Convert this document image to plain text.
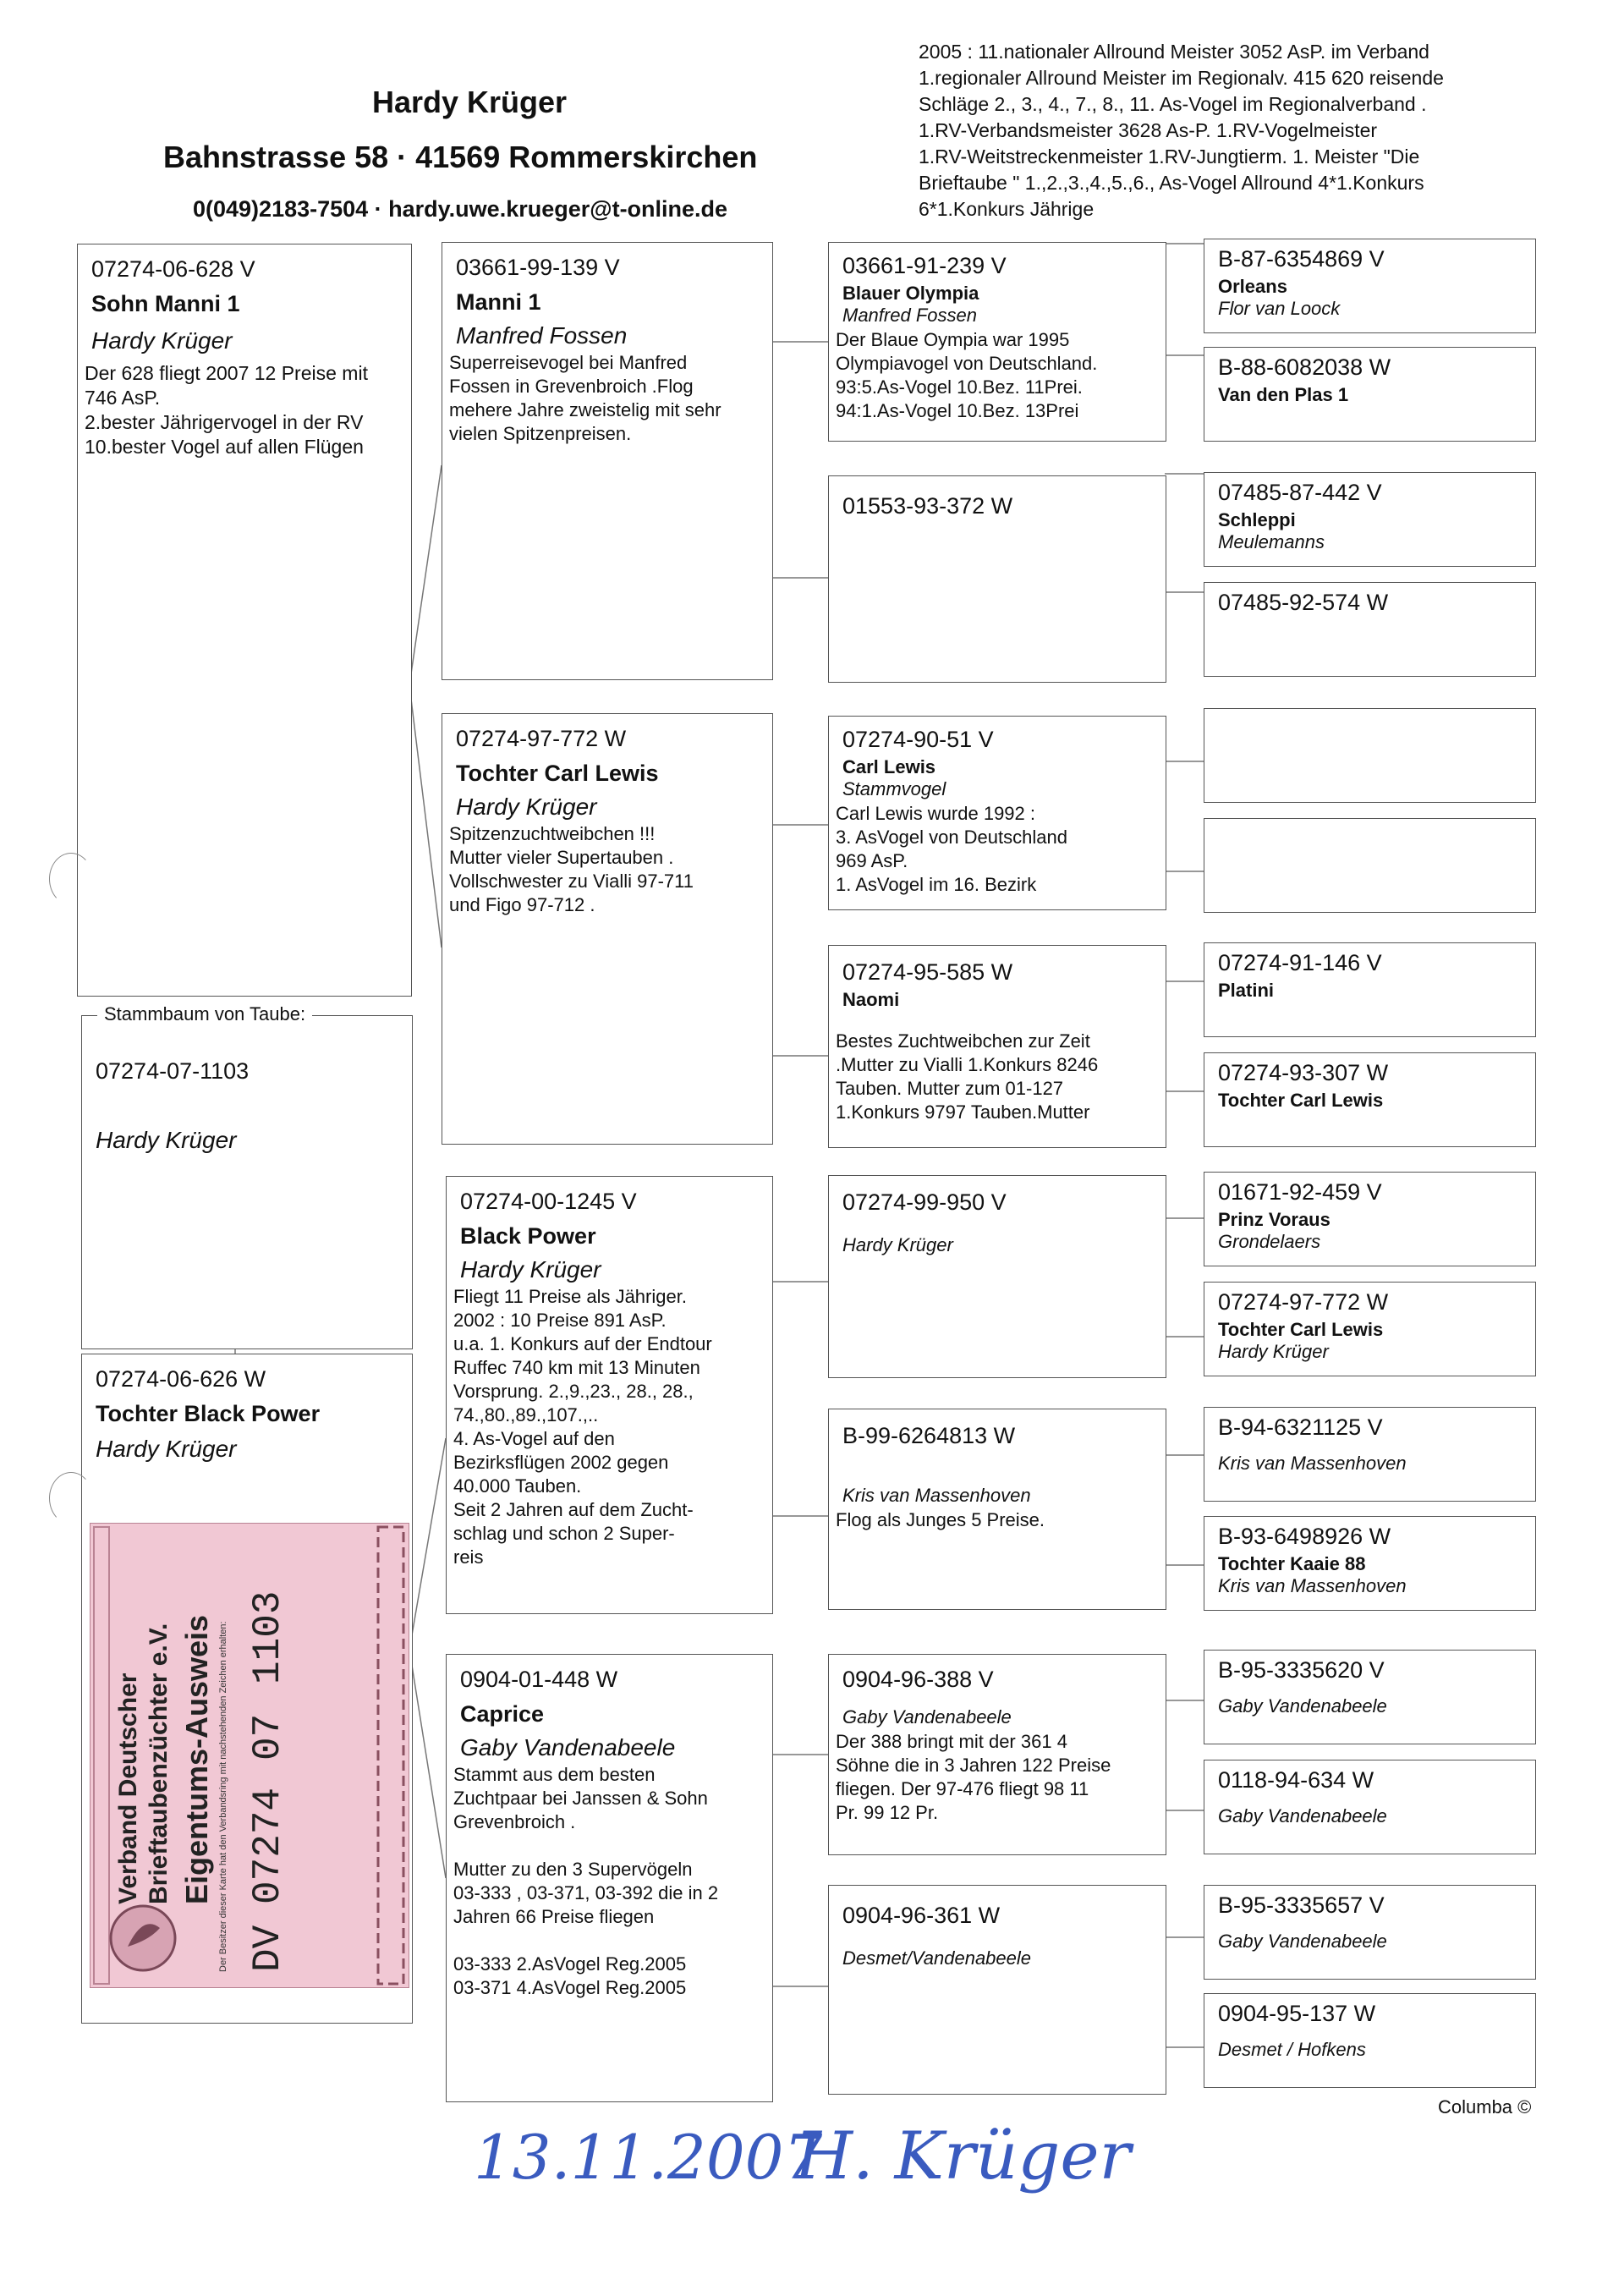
Hardy Krüger
Bahnstrasse 58 · 41569 Rommerskirchen
0(049)2183-7504 · hardy.uwe.krueger@t-online.de
2005 : 11.nationaler Allround Meister 3052 AsP. im Verband
1.regionaler Allround Meister im Regionalv. 415 620 reisende
Schläge 2., 3., 4., 7., 8., 11. As-Vogel im Regionalverband .
1.RV-Verbandsmeister 3628 As-P. 1.RV-Vogelmeister
1.RV-Weitstreckenmeister 1.RV-Jungtierm. 1. Meister "Die
Brieftaube " 1.,2.,3.,4.,5.,6., As-Vogel Allround 4*1.Konkurs
6*1.Konkurs Jährige
07274-06-628 V
Sohn Manni 1
Hardy Krüger
Der 628 fliegt 2007 12 Preise mit
746 AsP.
2.bester Jährigervogel in der RV
10.bester Vogel auf allen Flügen
07274-07-1103
Hardy Krüger
Stammbaum von Taube:
07274-06-626 W
Tochter Black Power
Hardy Krüger
Verband Deutscher Brieftaubenzüchter e.V. Eigentums-Ausweis Der Besitzer dieser Karte hat den Verbandsring mit nachstehenden Zeichen erhalten: DV
07274
07
1103
03661-99-139 V
Manni 1
Manfred Fossen
Superreisevogel bei Manfred
Fossen in Grevenbroich .Flog
mehere Jahre zweistelig mit sehr
vielen Spitzenpreisen.
07274-97-772 W
Tochter Carl Lewis
Hardy Krüger
Spitzenzuchtweibchen !!!
Mutter vieler Supertauben .
Vollschwester zu Vialli 97-711
und Figo 97-712 .
07274-00-1245 V
Black Power
Hardy Krüger
Fliegt 11 Preise als Jähriger.
2002 : 10 Preise 891 AsP.
u.a. 1. Konkurs auf der Endtour
Ruffec 740 km mit 13 Minuten
Vorsprung. 2.,9.,23., 28., 28.,
74.,80.,89.,107.,..
4. As-Vogel auf den
Bezirksflügen 2002 gegen
40.000 Tauben.
Seit 2 Jahren auf dem Zucht-
schlag und schon 2 Super-
reis
0904-01-448 W
Caprice
Gaby Vandenabeele
Stammt aus dem besten
Zuchtpaar bei Janssen & Sohn
Grevenbroich .
Mutter zu den 3 Supervögeln
03-333 , 03-371, 03-392 die in 2
Jahren 66 Preise fliegen
03-333 2.AsVogel Reg.2005
03-371 4.AsVogel Reg.2005
03661-91-239 V
Blauer Olympia
Manfred Fossen
Der Blaue Oympia war 1995
Olympiavogel von Deutschland.
93:5.As-Vogel 10.Bez. 11Prei.
94:1.As-Vogel 10.Bez. 13Prei
01553-93-372 W
07274-90-51 V
Carl Lewis
Stammvogel
Carl Lewis wurde 1992 :
3. AsVogel von Deutschland
969 AsP.
1. AsVogel im 16. Bezirk
07274-95-585 W
Naomi
Bestes Zuchtweibchen zur Zeit
.Mutter zu Vialli 1.Konkurs 8246
Tauben. Mutter zum 01-127
1.Konkurs 9797 Tauben.Mutter
07274-99-950 V
Hardy Krüger
B-99-6264813 W
Kris van Massenhoven
Flog als Junges 5 Preise.
0904-96-388 V
Gaby Vandenabeele
Der 388 bringt mit der 361 4
Söhne die in 3 Jahren 122 Preise
fliegen. Der 97-476 fliegt 98 11
Pr. 99 12 Pr.
0904-96-361 W
Desmet/Vandenabeele
B-87-6354869 V
Orleans
Flor van Loock
B-88-6082038 W
Van den Plas 1
07485-87-442 V
Schleppi
Meulemanns
07485-92-574 W
07274-91-146 V
Platini
07274-93-307 W
Tochter Carl Lewis
01671-92-459 V
Prinz Voraus
Grondelaers
07274-97-772 W
Tochter Carl Lewis
Hardy Krüger
B-94-6321125 V
Kris van Massenhoven
B-93-6498926 W
Tochter Kaaie 88
Kris van Massenhoven
B-95-3335620 V
Gaby Vandenabeele
0118-94-634 W
Gaby Vandenabeele
B-95-3335657 V
Gaby Vandenabeele
0904-95-137 W
Desmet / Hofkens
Columba ©
13.11.2007
H. Krüger
